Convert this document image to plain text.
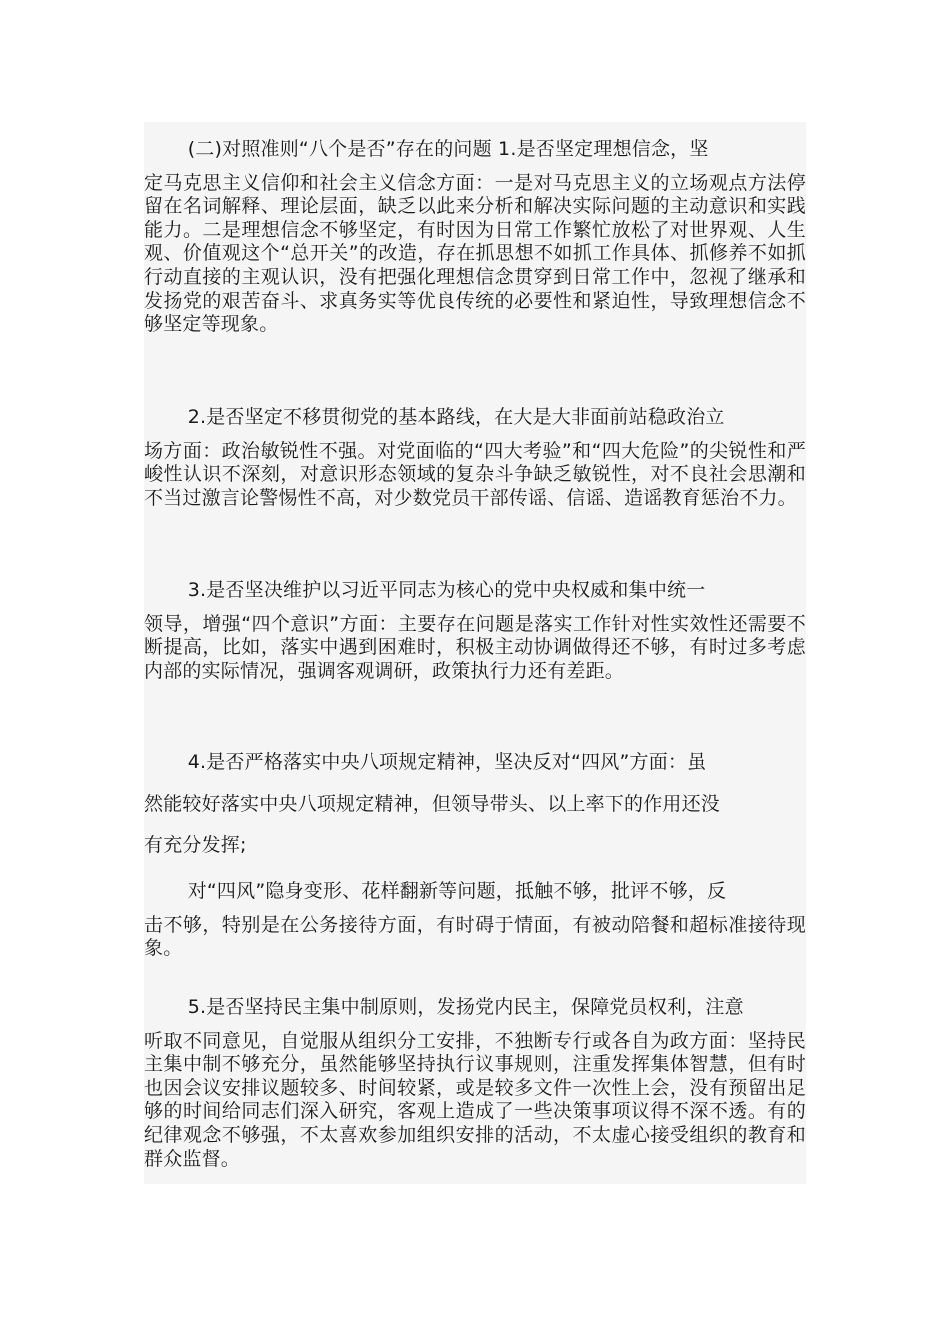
(二)对照准则“八个是否”存在的问题 1.是否坚定理想信念，坚
定马克思主义信仰和社会主义信念方面：一是对马克思主义的立场观点方法停留在名词解释、理论层面，缺乏以此来分析和解决实际问题的主动意识和实践能力。二是理想信念不够坚定，有时因为日常工作繁忙放松了对世界观、人生观、价值观这个“总开关”的改造，存在抓思想不如抓工作具体、抓修养不如抓行动直接的主观认识，没有把强化理想信念贯穿到日常工作中，忽视了继承和发扬党的艰苦奋斗、求真务实等优良传统的必要性和紧迫性，导致理想信念不够坚定等现象。
2.是否坚定不移贯彻党的基本路线，在大是大非面前站稳政治立
场方面：政治敏锐性不强。对党面临的“四大考验”和“四大危险”的尖锐性和严峻性认识不深刻，对意识形态领域的复杂斗争缺乏敏锐性，对不良社会思潮和不当过激言论警惕性不高，对少数党员干部传谣、信谣、造谣教育惩治不力。
3.是否坚决维护以习近平同志为核心的党中央权威和集中统一
领导，增强“四个意识”方面：主要存在问题是落实工作针对性实效性还需要不断提高，比如，落实中遇到困难时，积极主动协调做得还不够，有时过多考虑内部的实际情况，强调客观调研，政策执行力还有差距。
4.是否严格落实中央八项规定精神，坚决反对“四风”方面：虽
然能较好落实中央八项规定精神，但领导带头、以上率下的作用还没
有充分发挥;
对“四风”隐身变形、花样翻新等问题，抵触不够，批评不够，反
击不够，特别是在公务接待方面，有时碍于情面，有被动陪餐和超标准接待现象。
5.是否坚持民主集中制原则，发扬党内民主，保障党员权利，注意
听取不同意见，自觉服从组织分工安排，不独断专行或各自为政方面：坚持民主集中制不够充分，虽然能够坚持执行议事规则，注重发挥集体智慧，但有时也因会议安排议题较多、时间较紧，或是较多文件一次性上会，没有预留出足够的时间给同志们深入研究，客观上造成了一些决策事项议得不深不透。有的纪律观念不够强，不太喜欢参加组织安排的活动，不太虚心接受组织的教育和群众监督。
